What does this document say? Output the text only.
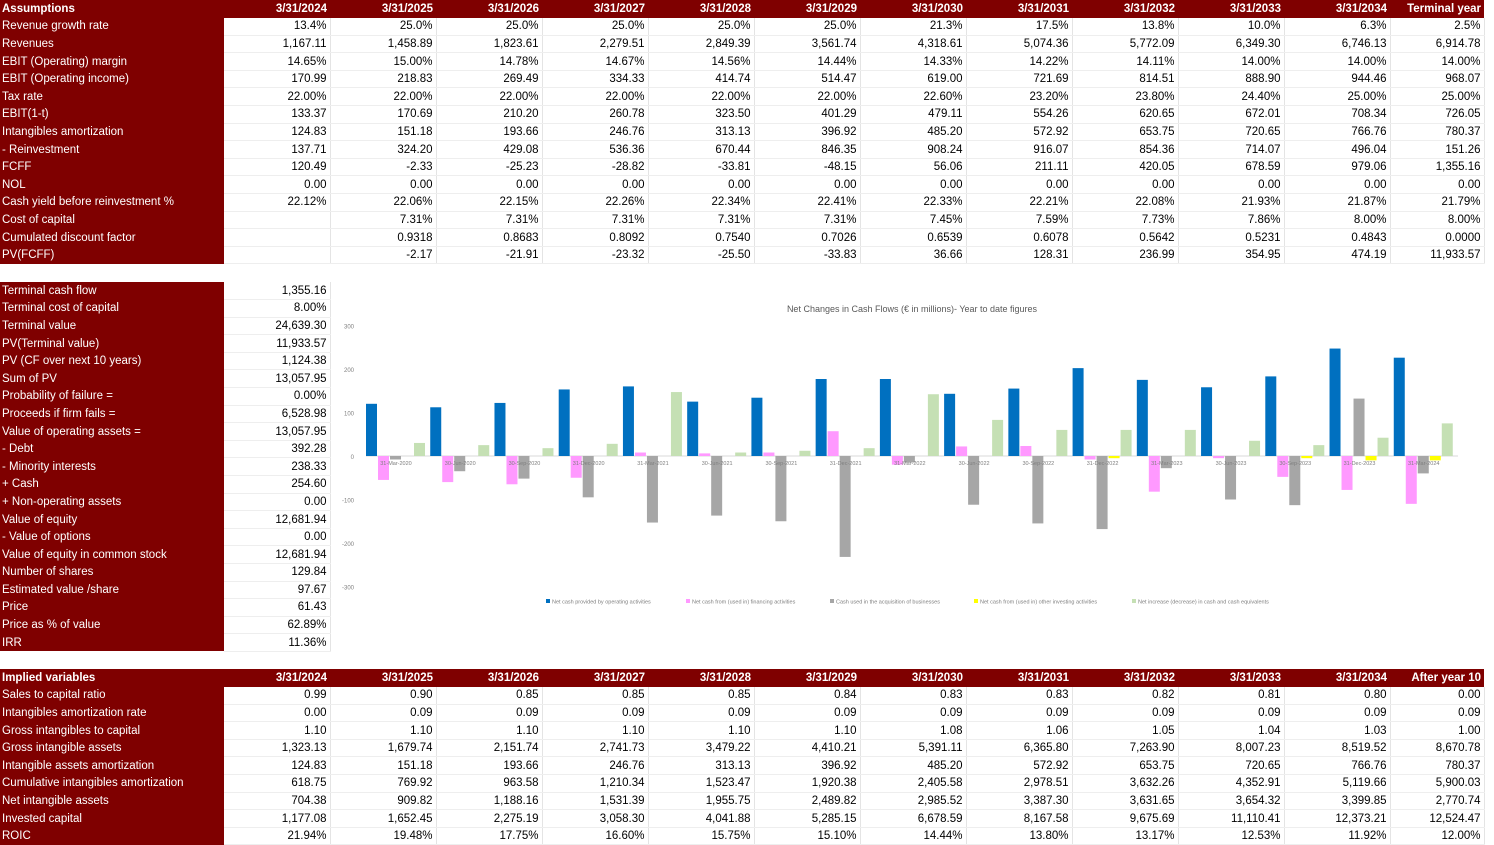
Assumptions	3/31/2024	3/31/2025	3/31/2026	3/31/2027	3/31/2028	3/31/2029	3/31/2030	3/31/2031	3/31/2032	3/31/2033	3/31/2034	Terminal year
Revenue growth rate	13.4%	25.0%	25.0%	25.0%	25.0%	25.0%	21.3%	17.5%	13.8%	10.0%	6.3%	2.5%
Revenues	1,167.11	1,458.89	1,823.61	2,279.51	2,849.39	3,561.74	4,318.61	5,074.36	5,772.09	6,349.30	6,746.13	6,914.78
EBIT (Operating) margin	14.65%	15.00%	14.78%	14.67%	14.56%	14.44%	14.33%	14.22%	14.11%	14.00%	14.00%	14.00%
EBIT (Operating income)	170.99	218.83	269.49	334.33	414.74	514.47	619.00	721.69	814.51	888.90	944.46	968.07
Tax rate	22.00%	22.00%	22.00%	22.00%	22.00%	22.00%	22.60%	23.20%	23.80%	24.40%	25.00%	25.00%
EBIT(1-t)	133.37	170.69	210.20	260.78	323.50	401.29	479.11	554.26	620.65	672.01	708.34	726.05
Intangibles amortization	124.83	151.18	193.66	246.76	313.13	396.92	485.20	572.92	653.75	720.65	766.76	780.37
- Reinvestment	137.71	324.20	429.08	536.36	670.44	846.35	908.24	916.07	854.36	714.07	496.04	151.26
FCFF	120.49	-2.33	-25.23	-28.82	-33.81	-48.15	56.06	211.11	420.05	678.59	979.06	1,355.16
NOL	0.00	0.00	0.00	0.00	0.00	0.00	0.00	0.00	0.00	0.00	0.00	0.00
Cash yield before reinvestment %	22.12%	22.06%	22.15%	22.26%	22.34%	22.41%	22.33%	22.21%	22.08%	21.93%	21.87%	21.79%
Cost of capital		7.31%	7.31%	7.31%	7.31%	7.31%	7.45%	7.59%	7.73%	7.86%	8.00%	8.00%
Cumulated discount factor		0.9318	0.8683	0.8092	0.7540	0.7026	0.6539	0.6078	0.5642	0.5231	0.4843	0.0000
PV(FCFF)		-2.17	-21.91	-23.32	-25.50	-33.83	36.66	128.31	236.99	354.95	474.19	11,933.57
Terminal cash flow	1,355.16
Terminal cost of capital	8.00%
Terminal value	24,639.30
PV(Terminal value)	11,933.57
PV (CF over next 10 years)	1,124.38
Sum of PV	13,057.95
Probability of failure =	0.00%
Proceeds if firm fails =	6,528.98
Value of operating assets =	13,057.95
- Debt	392.28
- Minority interests	238.33
+ Cash	254.60
+ Non-operating assets	0.00
Value of equity	12,681.94
- Value of options	0.00
Value of equity in common stock	12,681.94
Number of shares	129.84
Estimated value /share	97.67
Price	61.43
Price as % of value	62.89%
IRR	11.36%
Net Changes in Cash Flows (€ in millions)- Year to date figures
300
200
100
0
-100
-200
-300
31-Mar-2020	30-Jun-2020	30-Sep-2020	31-Dec-2020	31-Mar-2021	30-Jun-2021	30-Sep-2021	31-Dec-2021	31-Mar-2022	30-Jun-2022	30-Sep-2022	31-Dec-2022	31-Mar-2023	30-Jun-2023	30-Sep-2023	31-Dec-2023	31-Mar-2024
Net cash provided by operating activities	Net cash from (used in) financing activities	Cash used in the acquisition of businesses	Net cash from (used in) other investing activities	Net increase (decrease) in cash and cash equivalents
Implied variables	3/31/2024	3/31/2025	3/31/2026	3/31/2027	3/31/2028	3/31/2029	3/31/2030	3/31/2031	3/31/2032	3/31/2033	3/31/2034	After year 10
Sales to capital ratio	0.99	0.90	0.85	0.85	0.85	0.84	0.83	0.83	0.82	0.81	0.80	0.00
Intangibles amortization rate	0.00	0.09	0.09	0.09	0.09	0.09	0.09	0.09	0.09	0.09	0.09	0.09
Gross intangibles to capital	1.10	1.10	1.10	1.10	1.10	1.10	1.08	1.06	1.05	1.04	1.03	1.00
Gross intangible assets	1,323.13	1,679.74	2,151.74	2,741.73	3,479.22	4,410.21	5,391.11	6,365.80	7,263.90	8,007.23	8,519.52	8,670.78
Intangible assets amortization	124.83	151.18	193.66	246.76	313.13	396.92	485.20	572.92	653.75	720.65	766.76	780.37
Cumulative intangibles amortization	618.75	769.92	963.58	1,210.34	1,523.47	1,920.38	2,405.58	2,978.51	3,632.26	4,352.91	5,119.66	5,900.03
Net intangible assets	704.38	909.82	1,188.16	1,531.39	1,955.75	2,489.82	2,985.52	3,387.30	3,631.65	3,654.32	3,399.85	2,770.74
Invested capital	1,177.08	1,652.45	2,275.19	3,058.30	4,041.88	5,285.15	6,678.59	8,167.58	9,675.69	11,110.41	12,373.21	12,524.47
ROIC	21.94%	19.48%	17.75%	16.60%	15.75%	15.10%	14.44%	13.80%	13.17%	12.53%	11.92%	12.00%
